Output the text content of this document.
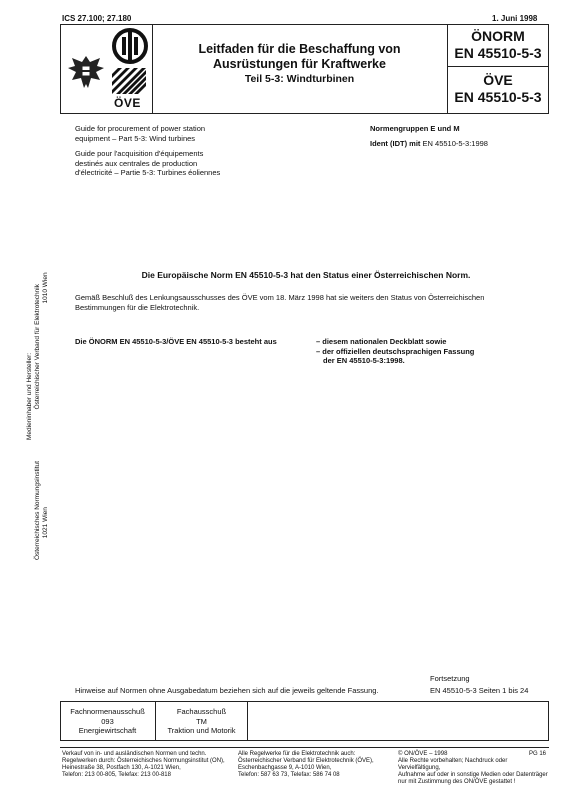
ICS 27.100; 27.180	1. Juni 1998
ÖVE
Leitfaden für die Beschaffung von
Ausrüstungen für Kraftwerke
Teil 5-3: Windturbinen
ÖNORM
EN 45510-5-3
ÖVE
EN 45510-5-3
Guide for procurement of power station
equipment – Part 5-3: Wind turbines
Guide pour l'acquisition d'équipements
destinés aux centrales de production
d'électricité – Partie 5-3: Turbines éoliennes
Normengruppen E und M
Ident (IDT) mit EN 45510-5-3:1998
Medieninhaber und Hersteller:
Österreichisches Normungsinstitut  Österreichischer Verband für Elektrotechnik
1021 Wien  1010 Wien	Die Europäische Norm EN 45510-5-3 hat den Status einer Österreichischen Norm.
Gemäß Beschluß des Lenkungsausschusses des ÖVE vom 18. März 1998 hat sie weiters den Status von Österreichischen
Bestimmungen für die Elektrotechnik.
Die ÖNORM EN 45510-5-3/ÖVE EN 45510-5-3 besteht aus	– diesem nationalen Deckblatt sowie
– der offiziellen deutschsprachigen Fassung
der EN 45510-5-3:1998.
Fortsetzung
Hinweise auf Normen ohne Ausgabedatum beziehen sich auf die jeweils geltende Fassung.	EN 45510-5-3 Seiten 1 bis 24
Fachnormenausschuß
093
Energiewirtschaft
Fachausschuß
TM
Traktion und Motorik
Verkauf von in- und ausländischen Normen und techn.
Regelwerken durch: Österreichisches Normungsinstitut (ON),
Heinestraße 38, Postfach 130, A-1021 Wien,
Telefon: 213 00-805, Telefax: 213 00-818
Alle Regelwerke für die Elektrotechnik auch:
Österreichischer Verband für Elektrotechnik (ÖVE),
Eschenbachgasse 9, A-1010 Wien,
Telefon: 587 63 73, Telefax: 586 74 08
© ON/ÖVE – 1998	PG 16
Alle Rechte vorbehalten; Nachdruck oder Vervielfältigung,
Aufnahme auf oder in sonstige Medien oder Datenträger
nur mit Zustimmung des ON/ÖVE gestattet !
